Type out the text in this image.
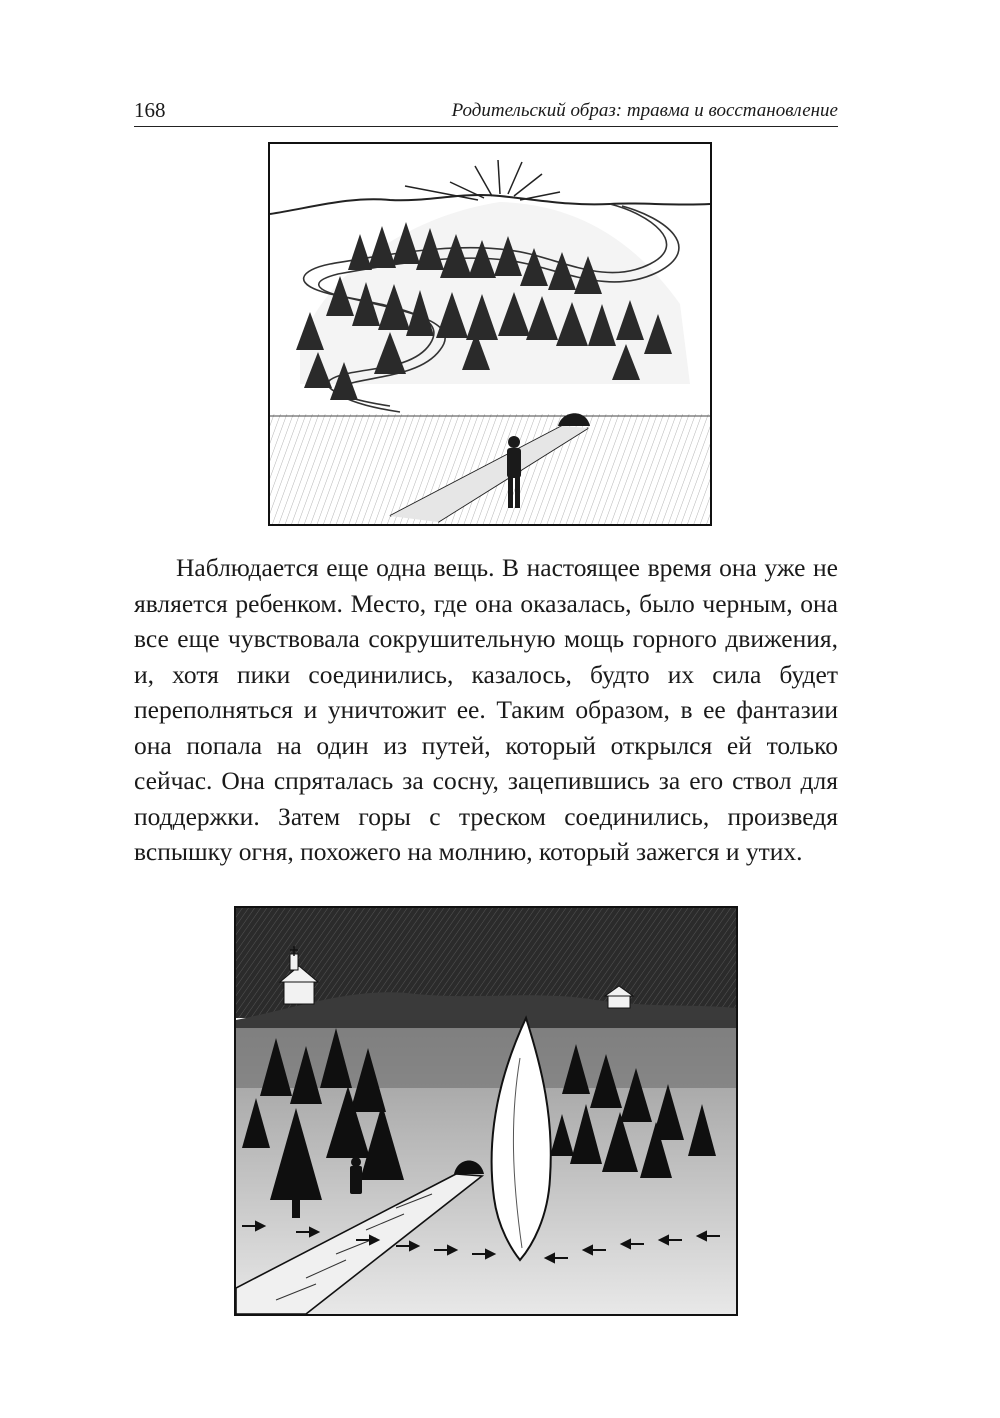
168	Родительский образ: травма и восстановление

Наблюдается еще одна вещь. В настоящее время она уже не является ребенком. Место, где она оказалась, было черным, она все еще чувствовала сокрушительную мощь горного движения, и, хотя пики соединились, казалось, будто их сила будет переполняться и уничтожит ее. Таким образом, в ее фантазии она попала на один из путей, который открылся ей только сейчас. Она спряталась за сосну, зацепившись за его ствол для поддержки. Затем горы с треском соединились, произведя вспышку огня, похожего на молнию, который зажегся и утих.
